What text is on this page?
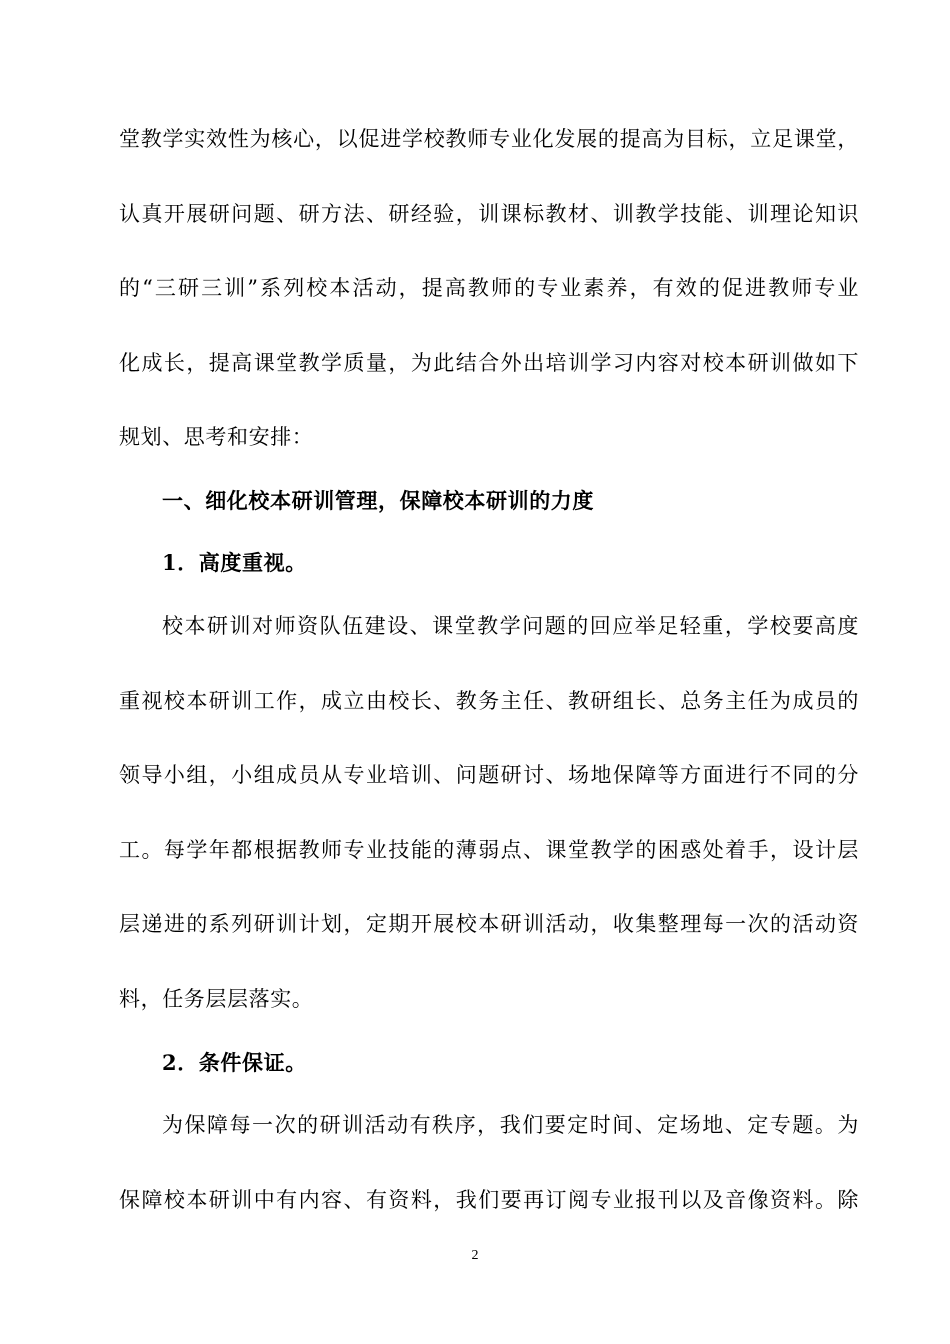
堂教学实效性为核心，以促进学校教师专业化发展的提高为目标，立足课堂，
认真开展研问题、研方法、研经验，训课标教材、训教学技能、训理论知识
的“三研三训”系列校本活动，提高教师的专业素养，有效的促进教师专业
化成长，提高课堂教学质量，为此结合外出培训学习内容对校本研训做如下
规划、思考和安排：
一、细化校本研训管理，保障校本研训的力度
1．高度重视。
校本研训对师资队伍建设、课堂教学问题的回应举足轻重，学校要高度
重视校本研训工作，成立由校长、教务主任、教研组长、总务主任为成员的
领导小组，小组成员从专业培训、问题研讨、场地保障等方面进行不同的分
工。每学年都根据教师专业技能的薄弱点、课堂教学的困惑处着手，设计层
层递进的系列研训计划，定期开展校本研训活动，收集整理每一次的活动资
料，任务层层落实。
2．条件保证。
为保障每一次的研训活动有秩序，我们要定时间、定场地、定专题。为
保障校本研训中有内容、有资料，我们要再订阅专业报刊以及音像资料。除
2
